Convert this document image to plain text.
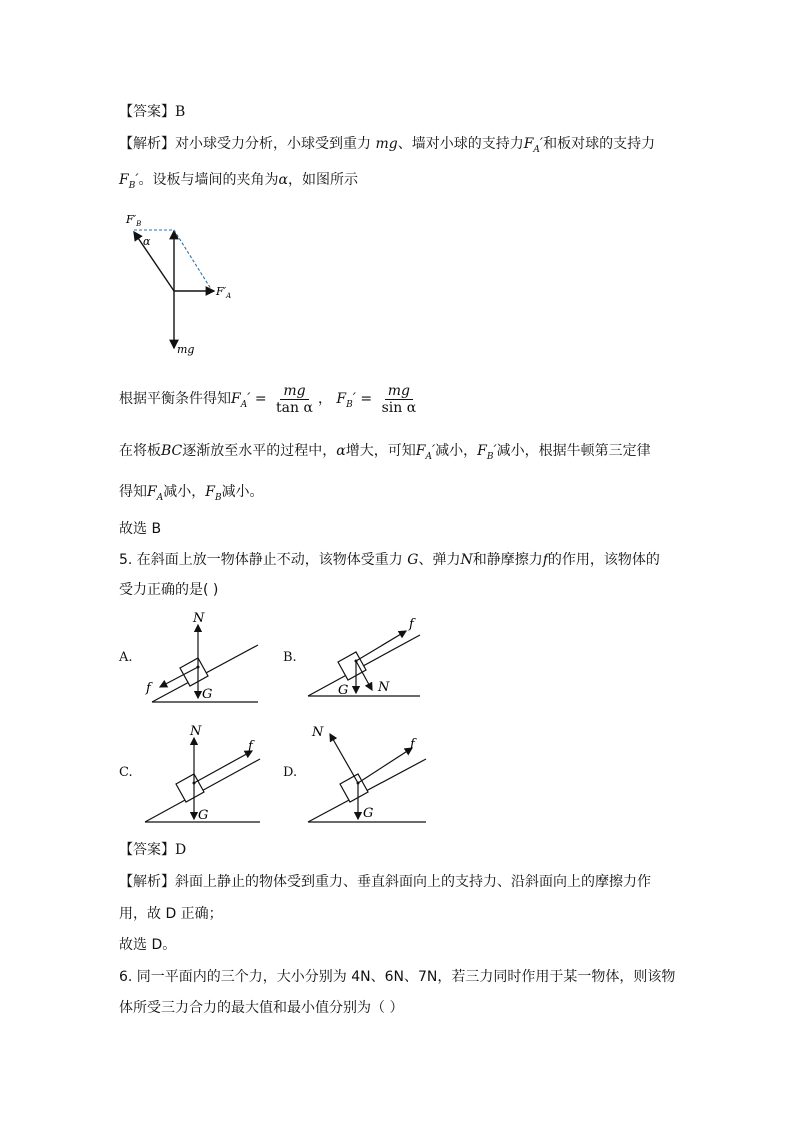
【答案】B
【解析】对小球受力分析，小球受到重力 mg、墙对小球的支持力$F_A'$和板对球的支持力
$F_B'$。设板与墙间的夹角为α，如图所示
$F'_B$
α
$F'_A$
mg
根据平衡条件得知$F_A' = \frac{mg}{\text{tan α}}$ ， $F_B' = \frac{mg}{\text{sin α}}$
在将板BC逐渐放至水平的过程中，α增大，可知$F_A'$减小，$F_B'$减小，根据牛顿第三定律
得知$F_A$减小，$F_B$减小。
故选 B
5. 在斜面上放一物体静止不动，该物体受重力 G、弹力N和静摩擦力f的作用，该物体的
受力正确的是( )
A.	B.
C.	D.
N
G
f	G N
f
N
G
f
N
G
f
【答案】D
【解析】斜面上静止的物体受到重力、垂直斜面向上的支持力、沿斜面向上的摩擦力作
用，故 D 正确；
故选 D。
6. 同一平面内的三个力，大小分别为 4N、6N、7N，若三力同时作用于某一物体，则该物
体所受三力合力的最大值和最小值分别为（ ）
